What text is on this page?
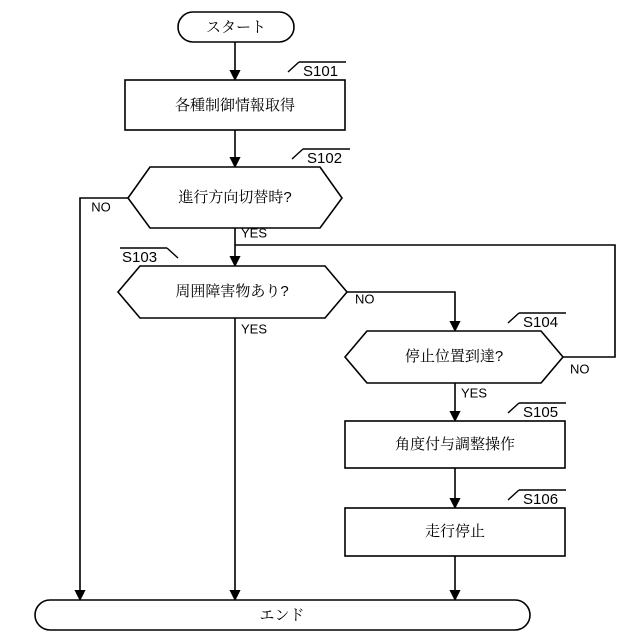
スタート
各種制御情報取得
S101
進行方向切替時?
S102
周囲障害物あり?
S103
停止位置到達?
S104
角度付与調整操作
S105
走行停止
S106
エンド
NO
YES
NO
YES
NO
YES
